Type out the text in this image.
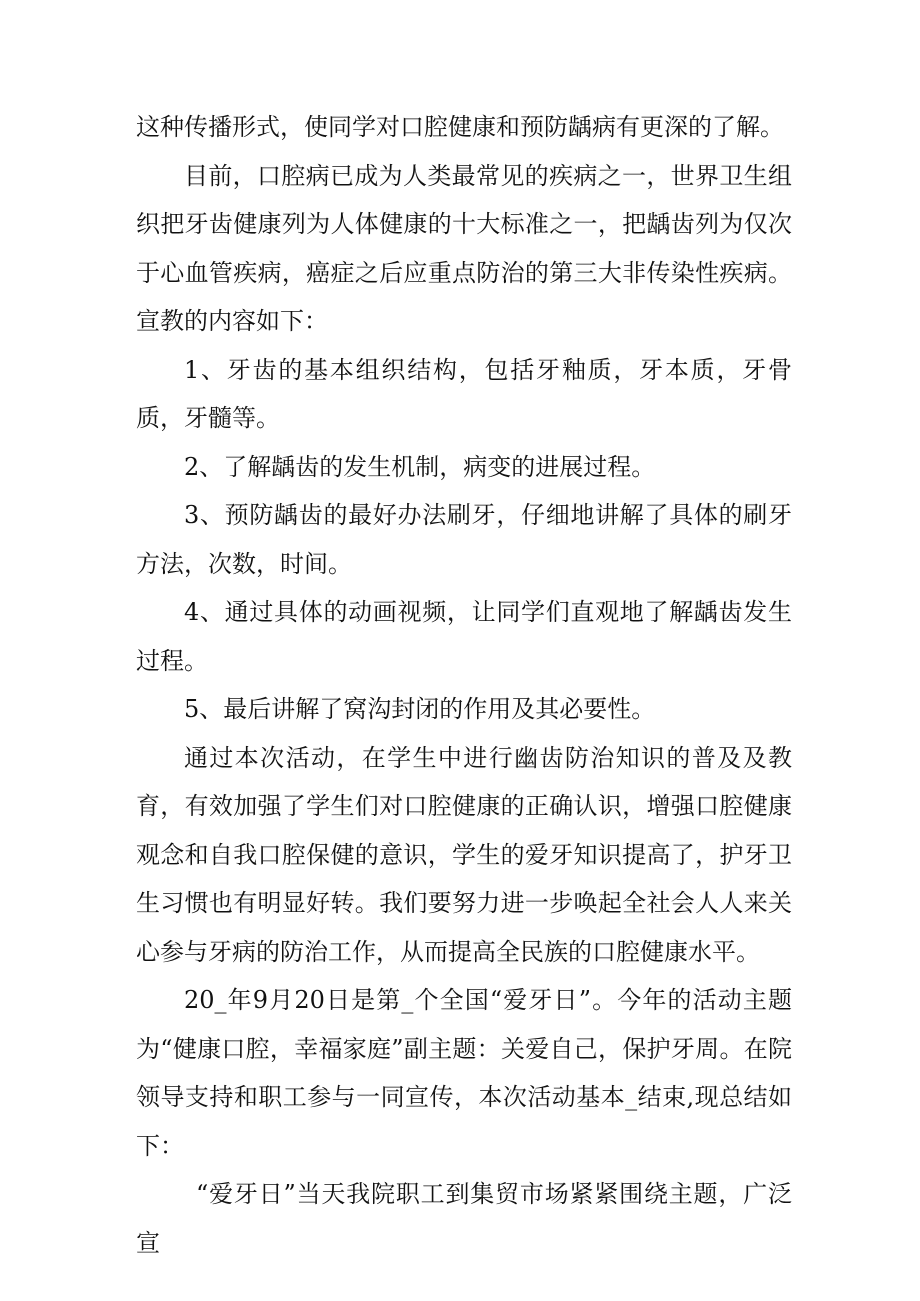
这种传播形式，使同学对口腔健康和预防龋病有更深的了解。

目前，口腔病已成为人类最常见的疾病之一，世界卫生组织把牙齿健康列为人体健康的十大标准之一，把龋齿列为仅次于心血管疾病，癌症之后应重点防治的第三大非传染性疾病。宣教的内容如下：

1、牙齿的基本组织结构，包括牙釉质，牙本质，牙骨质，牙髓等。

2、了解龋齿的发生机制，病变的进展过程。

3、预防龋齿的最好办法刷牙，仔细地讲解了具体的刷牙方法，次数，时间。

4、通过具体的动画视频，让同学们直观地了解龋齿发生过程。

5、最后讲解了窝沟封闭的作用及其必要性。

通过本次活动，在学生中进行幽齿防治知识的普及及教育，有效加强了学生们对口腔健康的正确认识，增强口腔健康观念和自我口腔保健的意识，学生的爱牙知识提高了，护牙卫生习惯也有明显好转。我们要努力进一步唤起全社会人人来关心参与牙病的防治工作，从而提高全民族的口腔健康水平。

20_年9月20日是第_个全国“爱牙日”。今年的活动主题为“健康口腔，幸福家庭”副主题：关爱自己，保护牙周。在院领导支持和职工参与一同宣传，本次活动基本_结束,现总结如下：

“爱牙日”当天我院职工到集贸市场紧紧围绕主题，广泛宣
